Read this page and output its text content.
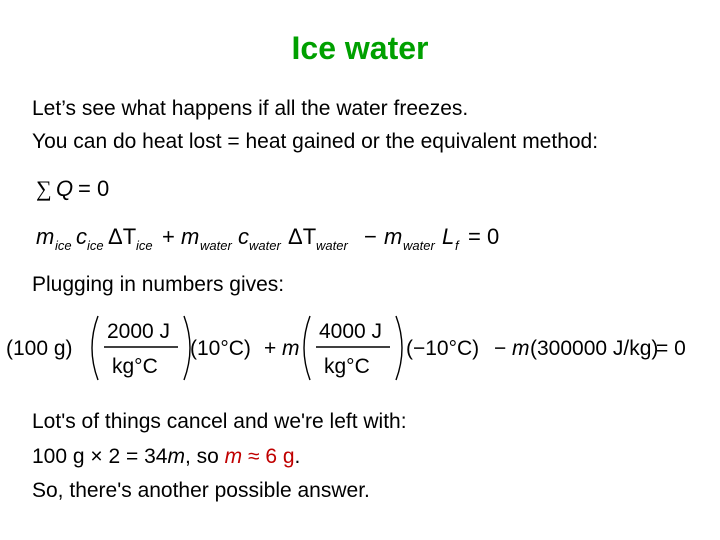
Ice water
Let’s see what happens if all the water freezes.
You can do heat lost = heat gained or the equivalent method:
∑ Q = 0
m ice c ice ΔT ice + m water c water ΔT water − m water L f = 0
Plugging in numbers gives:
(100 g)
2000 J
kg°C
(10°C) + m
4000 J
kg°C
(−10°C) − m (300000 J/kg)
= 0
Lot's of things cancel and we're left with:
100 g × 2 = 34m, so m ≈ 6 g.
So, there's another possible answer.
